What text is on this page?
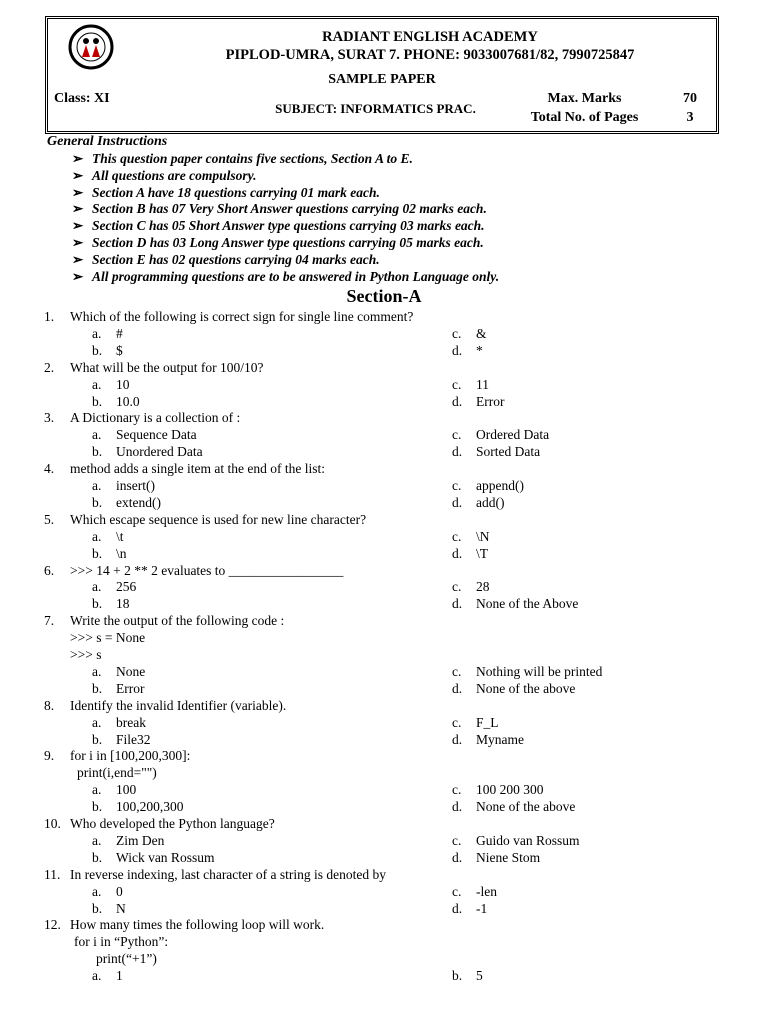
RADIANT ENGLISH ACADEMY
PIPLOD-UMRA, SURAT 7. PHONE: 9033007681/82, 7990725847
SAMPLE PAPER
Class: XI
SUBJECT: INFORMATICS PRAC.
Max. Marks	70
Total No. of Pages	3
General Instructions
➢ This question paper contains five sections, Section A to E.
➢ All questions are compulsory.
➢ Section A have 18 questions carrying 01 mark each.
➢ Section B has 07 Very Short Answer questions carrying 02 marks each.
➢ Section C has 05 Short Answer type questions carrying 03 marks each.
➢ Section D has 03 Long Answer type questions carrying 05 marks each.
➢ Section E has 02 questions carrying 04 marks each.
➢ All programming questions are to be answered in Python Language only.
Section-A
1. Which of the following is correct sign for single line comment?
a. #	c. &
b. $	d. *
2. What will be the output for 100/10?
a. 10	c. 11
b. 10.0	d. Error
3. A Dictionary is a collection of :
a. Sequence Data	c. Ordered Data
b. Unordered Data	d. Sorted Data
4. method adds a single item at the end of the list:
a. insert()	c. append()
b. extend()	d. add()
5. Which escape sequence is used for new line character?
a. \t	c. \N
b. \n	d. \T
6. >>> 14 + 2 ** 2 evaluates to _________________
a. 256	c. 28
b. 18	d. None of the Above
7. Write the output of the following code :
>>> s = None
>>> s
a. None	c. Nothing will be printed
b. Error	d. None of the above
8. Identify the invalid Identifier (variable).
a. break	c. F_L
b. File32	d. Myname
9. for i in [100,200,300]:
print(i,end="")
a. 100	c. 100 200 300
b. 100,200,300	d. None of the above
10. Who developed the Python language?
a. Zim Den	c. Guido van Rossum
b. Wick van Rossum	d. Niene Stom
11. In reverse indexing, last character of a string is denoted by
a. 0	c. -len
b. N	d. -1
12. How many times the following loop will work.
for i in “Python”:
print(“+1”)
a. 1	b. 5
